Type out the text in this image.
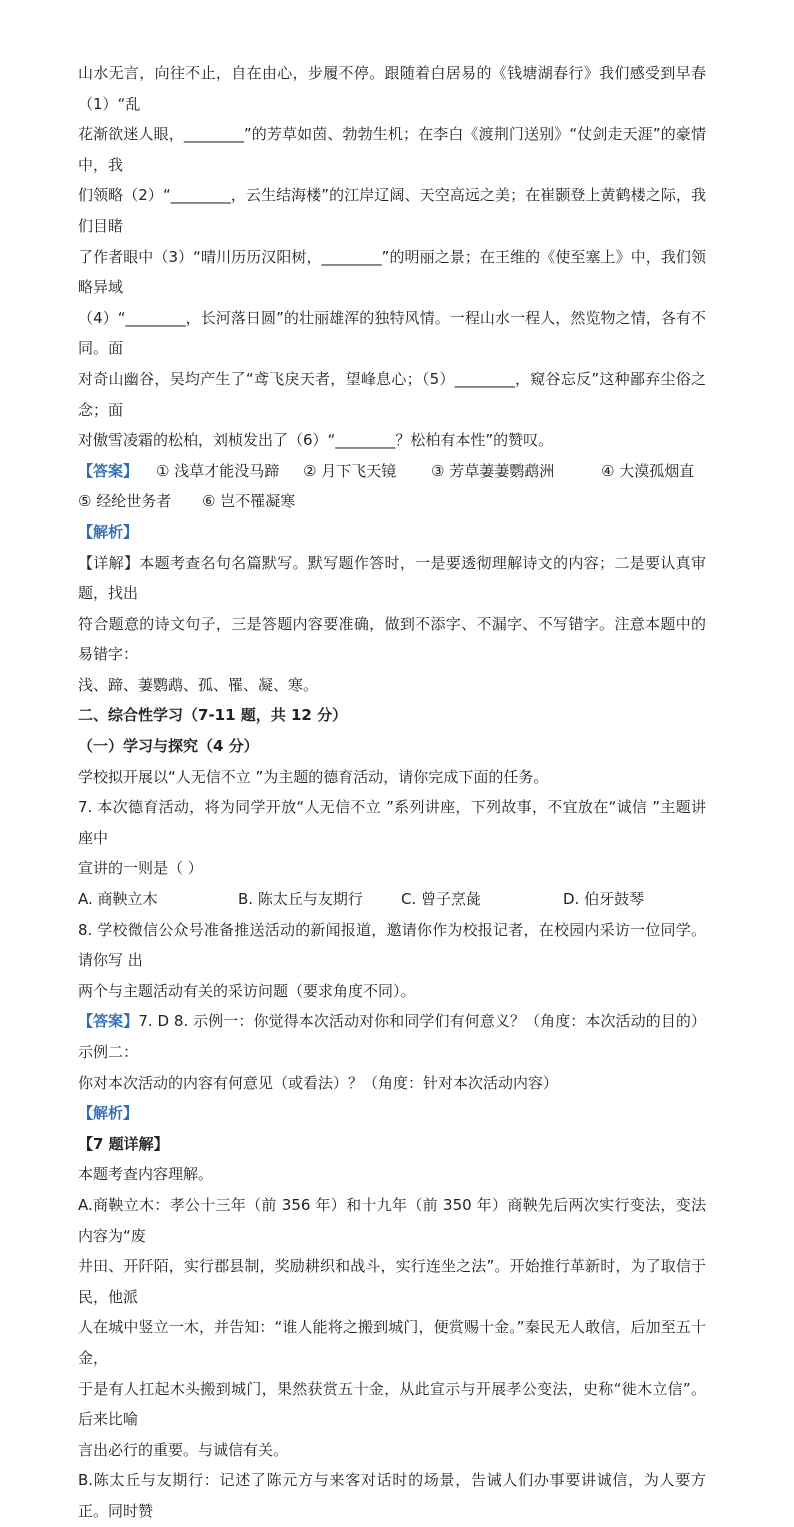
山水无言，向往不止，自在由心，步履不停。跟随着白居易的《钱塘湖春行》我们感受到早春（1）“乱

花渐欲迷人眼，________”的芳草如茵、勃勃生机；在李白《渡荆门送别》“仗剑走天涯”的豪情中，我

们领略（2）“________，云生结海楼”的江岸辽阔、天空高远之美；在崔颢登上黄鹤楼之际，我们目睹

了作者眼中（3）“晴川历历汉阳树，________”的明丽之景；在王维的《使至塞上》中，我们领略异域

（4）“________，长河落日圆”的壮丽雄浑的独特风情。一程山水一程人，然览物之情，各有不同。面

对奇山幽谷，吴均产生了“鸢飞戾天者，望峰息心；（5）________，窥谷忘反”这种鄙弃尘俗之念；面

对傲雪凌霜的松柏，刘桢发出了（6）“________？松柏有本性”的赞叹。

【答案】	① 浅草才能没马蹄	② 月下飞天镜	③ 芳草萋萋鹦鹉洲	④ 大漠孤烟直
⑤ 经纶世务者	⑥ 岂不罹凝寒

【解析】

【详解】本题考查名句名篇默写。默写题作答时，一是要透彻理解诗文的内容；二是要认真审题，找出

符合题意的诗文句子，三是答题内容要准确，做到不添字、不漏字、不写错字。注意本题中的易错字：

浅、蹄、萋鹦鹉、孤、罹、凝、寒。

二、综合性学习（7-11 题，共 12 分）
（一）学习与探究（4 分）

学校拟开展以“人无信不立 ”为主题的德育活动，请你完成下面的任务。

7. 本次德育活动，将为同学开放“人无信不立 ”系列讲座，下列故事，不宜放在“诚信 ”主题讲座中

宣讲的一则是（ ）

A. 商鞅立木	B. 陈太丘与友期行	C. 曾子烹彘	D. 伯牙鼓琴

8. 学校微信公众号准备推送活动的新闻报道，邀请你作为校报记者，在校园内采访一位同学。请你写 出

两个与主题活动有关的采访问题（要求角度不同）。

【答案】7. D 8. 示例一：你觉得本次活动对你和同学们有何意义？（角度：本次活动的目的）示例二：

你对本次活动的内容有何意见（或看法）？（角度：针对本次活动内容）

【解析】

【7 题详解】

本题考查内容理解。

A.商鞅立木：孝公十三年（前 356 年）和十九年（前 350 年）商鞅先后两次实行变法，变法内容为“废

井田、开阡陌，实行郡县制，奖励耕织和战斗，实行连坐之法”。开始推行革新时，为了取信于民，他派

人在城中竖立一木，并告知：“谁人能将之搬到城门，便赏赐十金。”秦民无人敢信，后加至五十金，

于是有人扛起木头搬到城门，果然获赏五十金，从此宣示与开展孝公变法，史称“徙木立信”。后来比喻

言出必行的重要。与诚信有关。

B.陈太丘与友期行：记述了陈元方与来客对话时的场景，告诫人们办事要讲诚信，为人要方正。同时赞
